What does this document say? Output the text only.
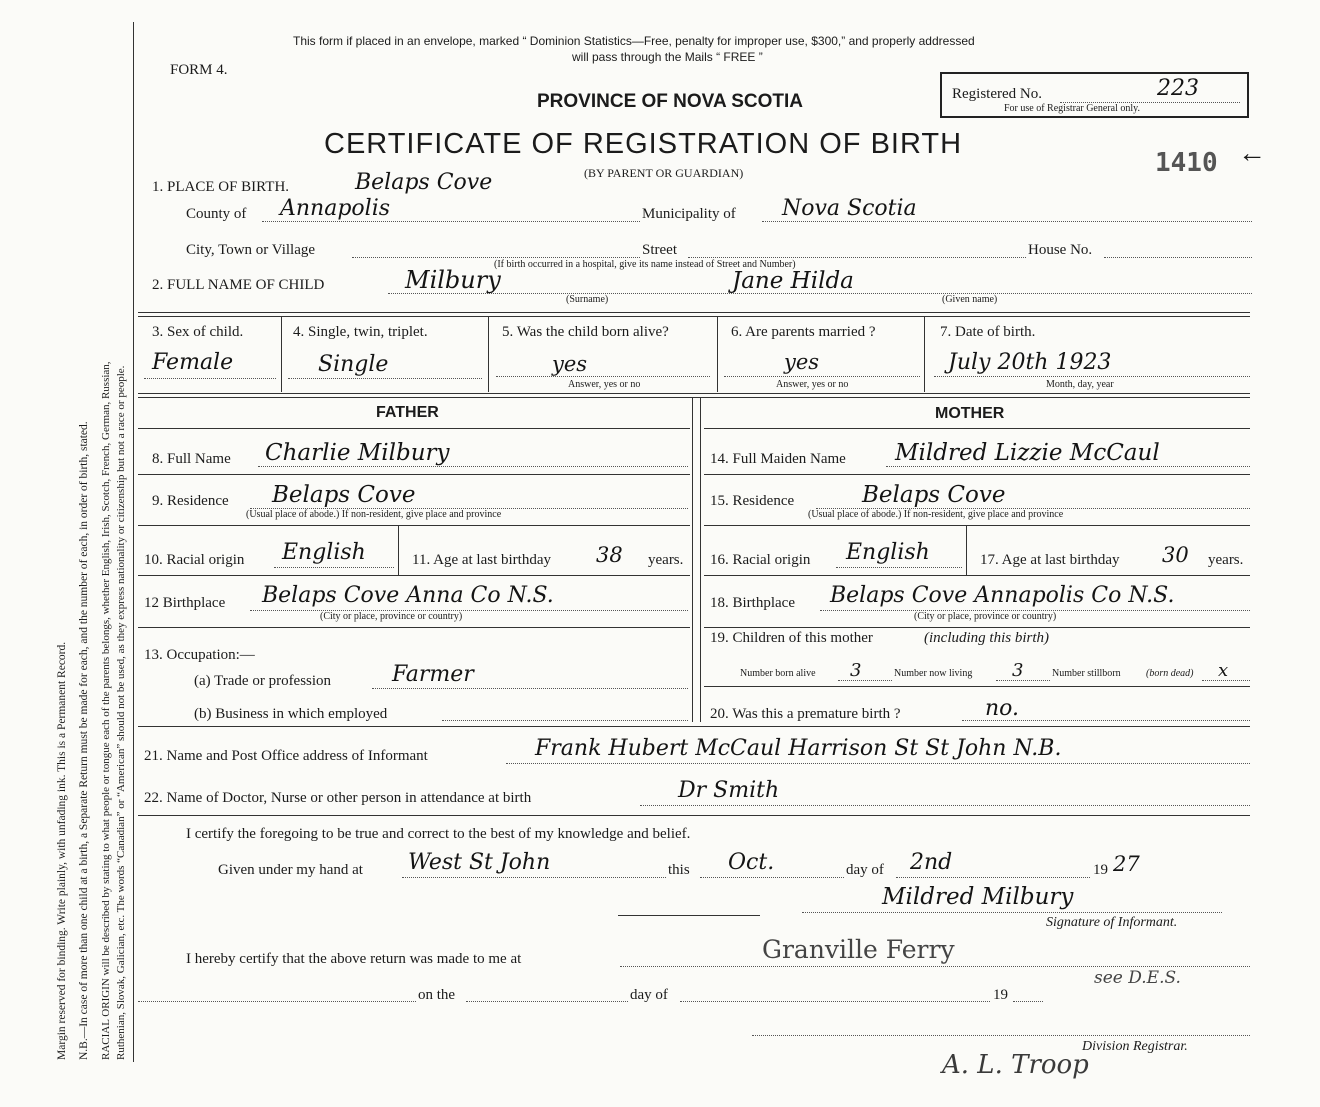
Margin reserved for binding. Write plainly, with unfading ink. This is a Permanent Record. N.B.—In case of more than one child at a birth, a Separate Return must be made for each, and the number of each, in order of birth, stated. RACIAL ORIGIN will be described by stating to what people or tongue each of the parents belongs, whether English, Irish, Scotch, French, German, Russian, Ruthenian, Slovak, Galician, etc. The words “Canadian” or “American” should not be used, as they express nationality or citizenship but not a race or people.
This form if placed in an envelope, marked “ Dominion Statistics—Free, penalty for improper use, $300,” and properly addressed
will pass through the Mails “ FREE ”
FORM 4.
PROVINCE OF NOVA SCOTIA	Registered No.	223
For use of Registrar General only.
CERTIFICATE OF REGISTRATION OF BIRTH
(BY PARENT OR GUARDIAN)	1410 ←
1. PLACE OF BIRTH.	Belaps Cove
County of Annapolis	Municipality of Nova Scotia
City, Town or Village	Street	House No.
(If birth occurred in a hospital, give its name instead of Street and Number)
2. FULL NAME OF CHILD	Milbury
(Surname)
Jane Hilda
(Given name)
3. Sex of child.
Female
4. Single, twin, triplet.
Single
5. Was the child born alive?
yes
Answer, yes or no
6. Are parents married ?
yes
Answer, yes or no
7. Date of birth.
July 20th 1923
Month, day, year
FATHER	MOTHER
8. Full Name Charlie Milbury
9. Residence Belaps Cove
(Usual place of abode.) If non-resident, give place and province
10. Racial origin English	11. Age at last birthday 38 years.
12 Birthplace Belaps Cove Anna Co N.S.
(City or place, province or country)
13. Occupation:—
(a) Trade or profession	Farmer
(b) Business in which employed
14. Full Maiden Name Mildred Lizzie McCaul
15. Residence	Belaps Cove
(Usual place of abode.) If non-resident, give place and province
16. Racial origin English	17. Age at last birthday 30 years.
18. Birthplace Belaps Cove Annapolis Co N.S.
(City or place, province or country)
19. Children of this mother	(including this birth)
Number born alive 3	Number now living 3	Number stillborn	(born dead) x
20. Was this a premature birth ?	no.
21. Name and Post Office address of Informant	Frank Hubert McCaul Harrison St St John N.B.
22. Name of Doctor, Nurse or other person in attendance at birth	Dr Smith
I certify the foregoing to be true and correct to the best of my knowledge and belief.
Given under my hand at West St John	this Oct.	day of 2nd	19 27
Mildred Milbury
Signature of Informant.
I hereby certify that the above return was made to me at	Granville Ferry
see D.E.S.
on the	day of	19
Division Registrar.
A. L. Troop
